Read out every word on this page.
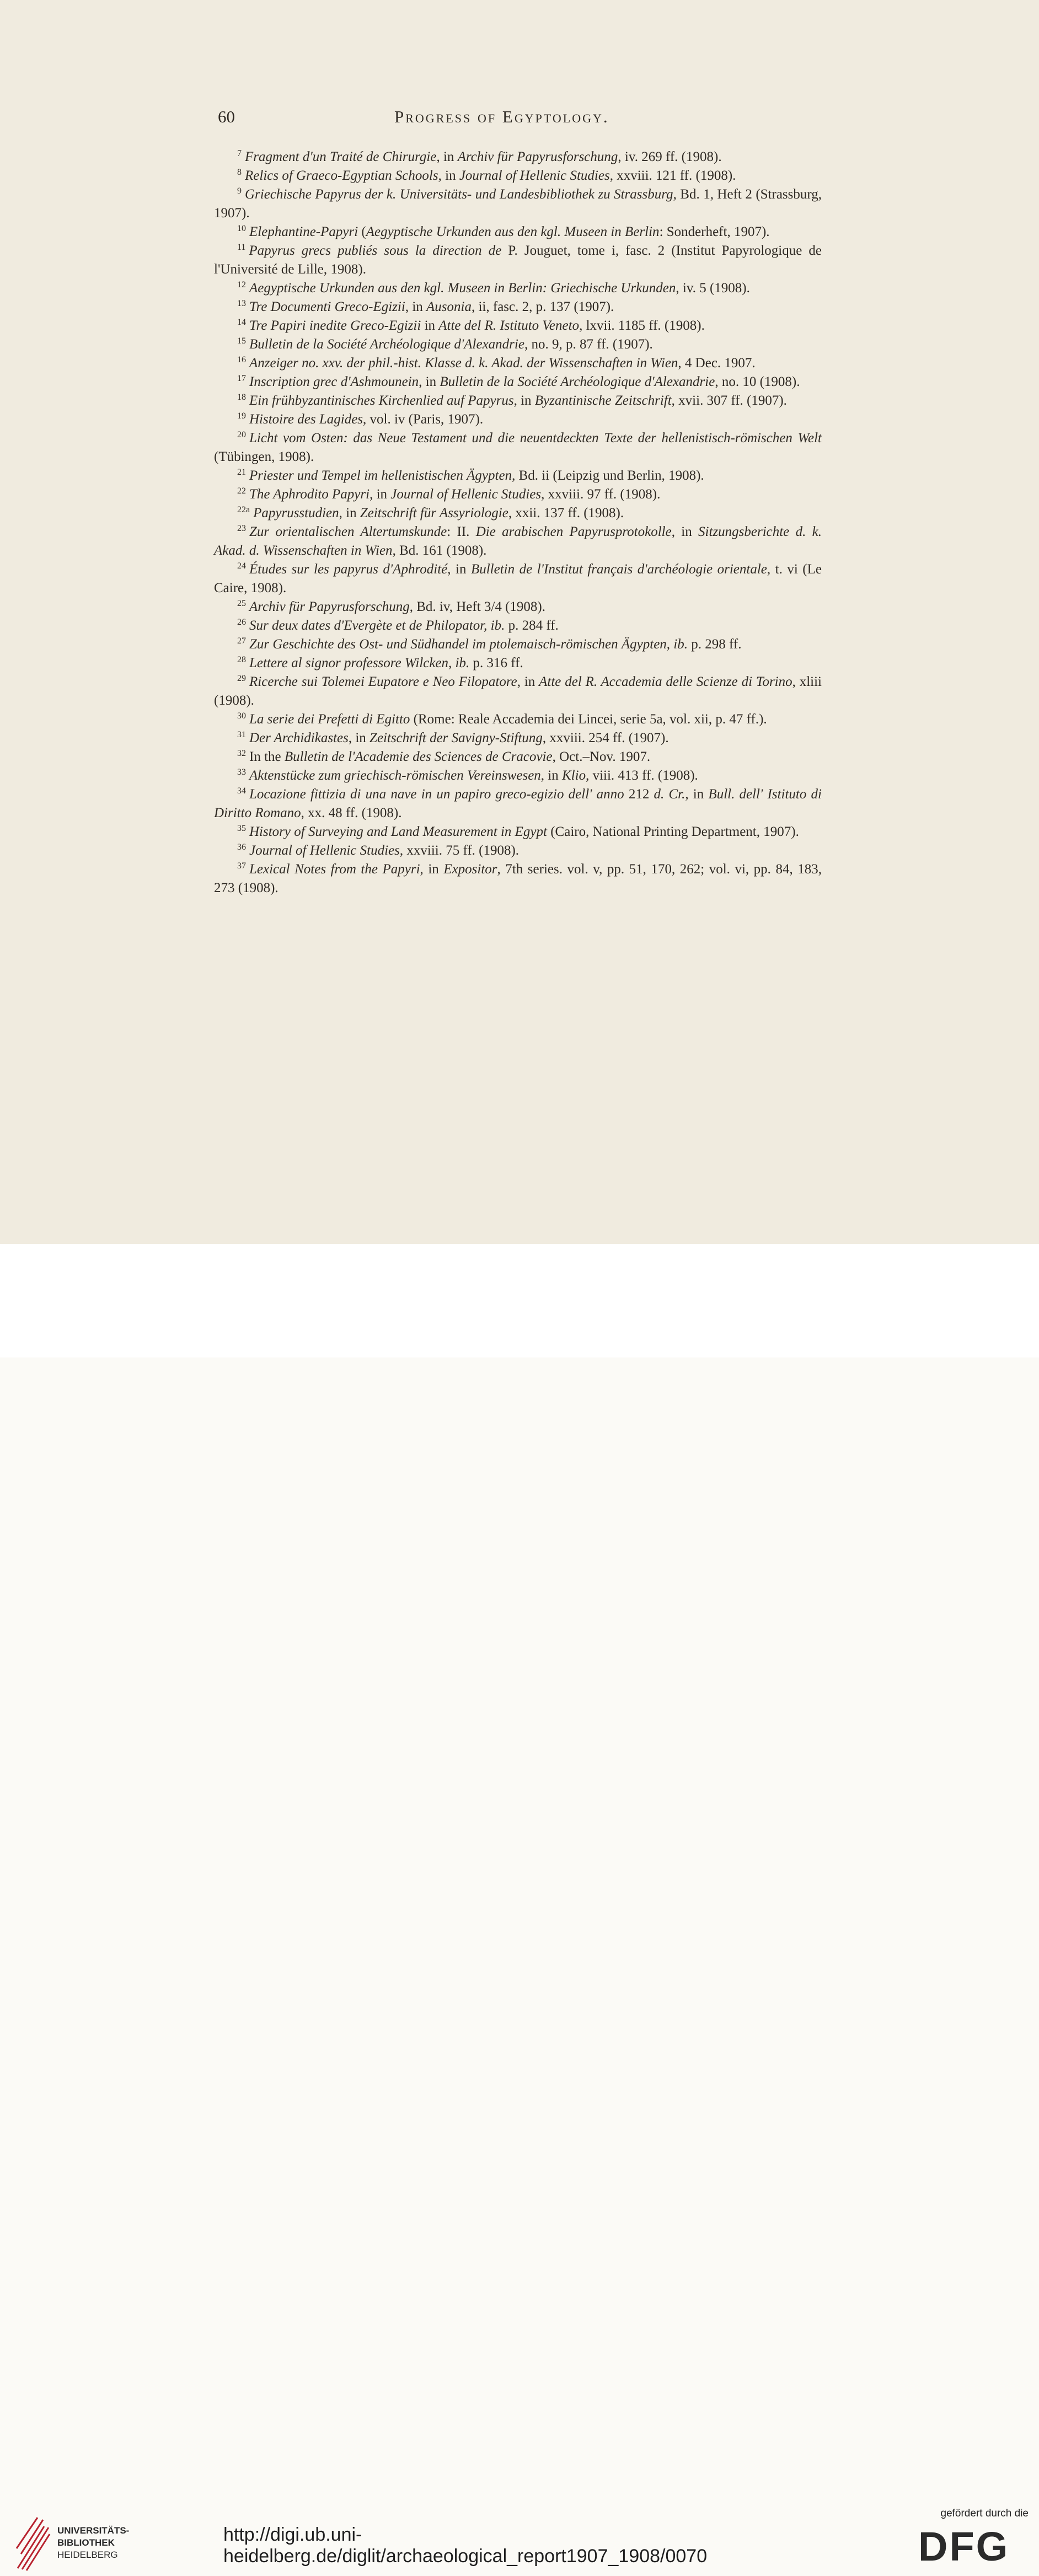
60	Progress of Egyptology.

$^7$ Fragment d'un Traité de Chirurgie, in Archiv für Papyrusforschung, iv. 269 ff. (1908).

$^8$ Relics of Graeco-Egyptian Schools, in Journal of Hellenic Studies, xxviii. 121 ff. (1908).

$^9$ Griechische Papyrus der k. Universitäts- und Landesbibliothek zu Strassburg, Bd. 1, Heft 2 (Strassburg, 1907).

$^{10}$ Elephantine-Papyri (Aegyptische Urkunden aus den kgl. Museen in Berlin: Sonderheft, 1907).

$^{11}$ Papyrus grecs publiés sous la direction de P. Jouguet, tome i, fasc. 2 (Institut Papyrologique de l'Université de Lille, 1908).

$^{12}$ Aegyptische Urkunden aus den kgl. Museen in Berlin: Griechische Urkunden, iv. 5 (1908).

$^{13}$ Tre Documenti Greco-Egizii, in Ausonia, ii, fasc. 2, p. 137 (1907).

$^{14}$ Tre Papiri inedite Greco-Egizii in Atte del R. Istituto Veneto, lxvii. 1185 ff. (1908).

$^{15}$ Bulletin de la Société Archéologique d'Alexandrie, no. 9, p. 87 ff. (1907).

$^{16}$ Anzeiger no. xxv. der phil.-hist. Klasse d. k. Akad. der Wissenschaften in Wien, 4 Dec. 1907.

$^{17}$ Inscription grec d'Ashmounein, in Bulletin de la Société Archéologique d'Alexandrie, no. 10 (1908).

$^{18}$ Ein frühbyzantinisches Kirchenlied auf Papyrus, in Byzantinische Zeitschrift, xvii. 307 ff. (1907).

$^{19}$ Histoire des Lagides, vol. iv (Paris, 1907).

$^{20}$ Licht vom Osten: das Neue Testament und die neuentdeckten Texte der hellenistisch-römischen Welt (Tübingen, 1908).

$^{21}$ Priester und Tempel im hellenistischen Ägypten, Bd. ii (Leipzig und Berlin, 1908).

$^{22}$ The Aphrodito Papyri, in Journal of Hellenic Studies, xxviii. 97 ff. (1908).

$^{22a}$ Papyrusstudien, in Zeitschrift für Assyriologie, xxii. 137 ff. (1908).

$^{23}$ Zur orientalischen Altertumskunde: II. Die arabischen Papyrusprotokolle, in Sitzungsberichte d. k. Akad. d. Wissenschaften in Wien, Bd. 161 (1908).

$^{24}$ Études sur les papyrus d'Aphrodité, in Bulletin de l'Institut français d'archéologie orientale, t. vi (Le Caire, 1908).

$^{25}$ Archiv für Papyrusforschung, Bd. iv, Heft 3/4 (1908).

$^{26}$ Sur deux dates d'Evergète et de Philopator, ib. p. 284 ff.

$^{27}$ Zur Geschichte des Ost- und Südhandel im ptolemaisch-römischen Ägypten, ib. p. 298 ff.

$^{28}$ Lettere al signor professore Wilcken, ib. p. 316 ff.

$^{29}$ Ricerche sui Tolemei Eupatore e Neo Filopatore, in Atte del R. Accademia delle Scienze di Torino, xliii (1908).

$^{30}$ La serie dei Prefetti di Egitto (Rome: Reale Accademia dei Lincei, serie 5a, vol. xii, p. 47 ff.).

$^{31}$ Der Archidikastes, in Zeitschrift der Savigny-Stiftung, xxviii. 254 ff. (1907).

$^{32}$ In the Bulletin de l'Academie des Sciences de Cracovie, Oct.–Nov. 1907.

$^{33}$ Aktenstücke zum griechisch-römischen Vereinswesen, in Klio, viii. 413 ff. (1908).

$^{34}$ Locazione fittizia di una nave in un papiro greco-egizio dell' anno 212 d. Cr., in Bull. dell' Istituto di Diritto Romano, xx. 48 ff. (1908).

$^{35}$ History of Surveying and Land Measurement in Egypt (Cairo, National Printing Department, 1907).

$^{36}$ Journal of Hellenic Studies, xxviii. 75 ff. (1908).

$^{37}$ Lexical Notes from the Papyri, in Expositor, 7th series. vol. v, pp. 51, 170, 262; vol. vi, pp. 84, 183, 273 (1908).

UNIVERSITÄTS-
BIBLIOTHEK
HEIDELBERG
http://digi.ub.uni-heidelberg.de/diglit/archaeological_report1907_1908/0070
gefördert durch die
DFG
